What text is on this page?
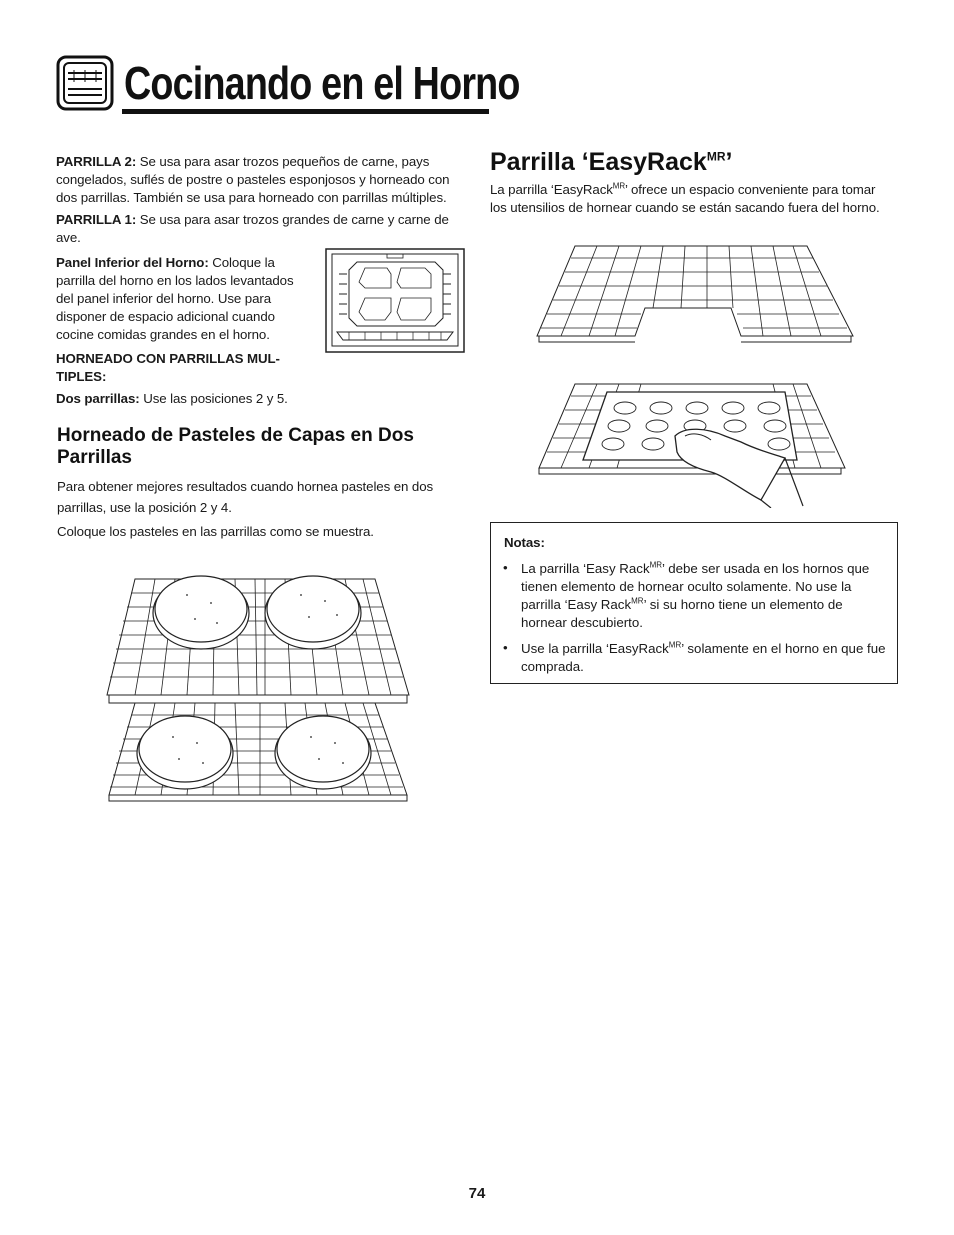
Cocinando en el Horno
PARRILLA 2: Se usa para asar trozos pequeños de carne, pays congelados, suflés de postre o pasteles esponjosos y horneado con dos parrillas. También se usa para horneado con parrillas múltiples.
PARRILLA 1: Se usa para asar trozos grandes de carne y carne de ave.
Panel Inferior del Horno: Coloque la parrilla del horno en los lados levantados del panel inferior del horno. Use para disponer de espacio adicional cuando cocine comidas grandes en el horno.
HORNEADO CON PARRILLAS MUL-TIPLES:
Dos parrillas: Use las posiciones 2 y 5.
Horneado de Pasteles de Capas en Dos Parrillas
Para obtener mejores resultados cuando hornea pasteles en dos parrillas, use la posición 2 y 4.
Coloque los pasteles en las parrillas como se muestra.
Parrilla ‘EasyRack$^{MR}$’
La parrilla ‘EasyRack$^{MR}$’ ofrece un espacio conveniente para tomar los utensilios de hornear cuando se están sacando fuera del horno.
Notas:
• La parrilla ‘Easy Rack$^{MR}$’ debe ser usada en los hornos que tienen elemento de hornear oculto solamente. No use la parrilla ‘Easy Rack$^{MR}$’ si su horno tiene un elemento de hornear descubierto.
• Use la parrilla ‘EasyRack$^{MR}$’ solamente en el horno en que fue comprada.
74
